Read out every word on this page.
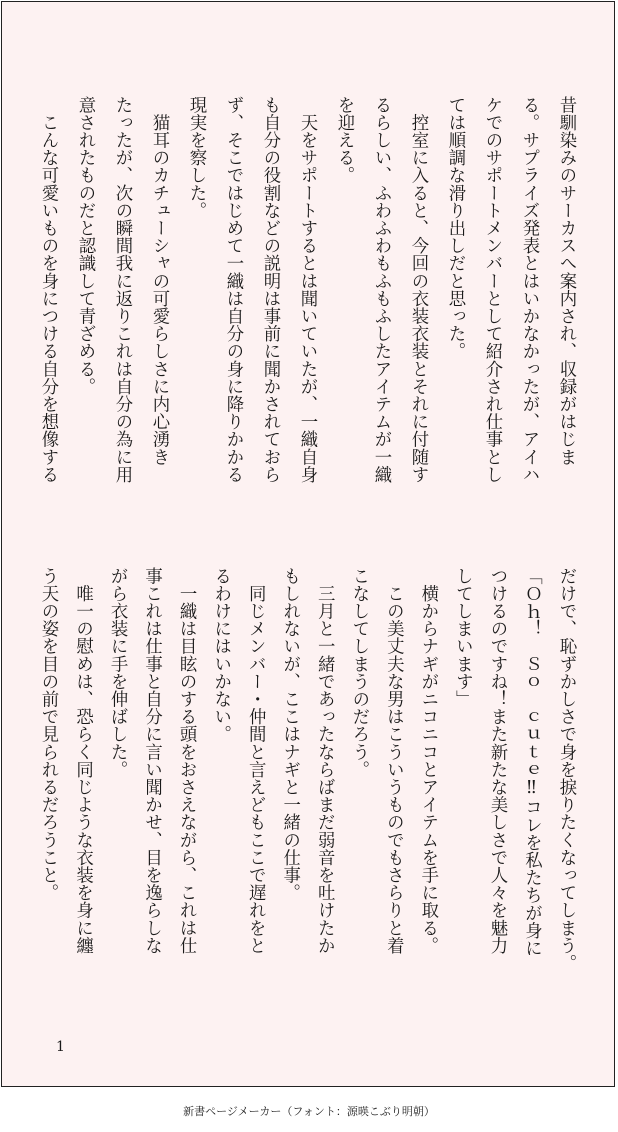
昔馴染みのサーカスへ案内され、収録がはじま
る。サプライズ発表とはいかなかったが、アイハ
ケでのサポートメンバーとして紹介され仕事とし
ては順調な滑り出しだと思った。
　控室に入ると、今回の衣装衣装とそれに付随す
るらしい、ふわふわもふもふしたアイテムが一織
を迎える。
　天をサポートするとは聞いていたが、一織自身
も自分の役割などの説明は事前に聞かされておら
ず、そこではじめて一織は自分の身に降りかかる
現実を察した。
　猫耳のカチューシャの可愛らしさに内心湧き
たったが、次の瞬間我に返りこれは自分の為に用
意されたものだと認識して青ざめる。
　こんな可愛いものを身につける自分を想像する
だけで、恥ずかしさで身を捩りたくなってしまう。
「Ｏｈ！　Ｓｏ　ｃｕｔｅ‼コレを私たちが身に
つけるのですね！また新たな美しさで人々を魅力
してしまいます」
　横からナギがニコニコとアイテムを手に取る。
　この美丈夫な男はこういうものでもさらりと着
こなしてしまうのだろう。
　三月と一緒であったならばまだ弱音を吐けたか
もしれないが、ここはナギと一緒の仕事。
　同じメンバー・仲間と言えどもここで遅れをと
るわけにはいかない。
　一織は目眩のする頭をおさえながら、これは仕
事これは仕事と自分に言い聞かせ、目を逸らしな
がら衣装に手を伸ばした。
　唯一の慰めは、恐らく同じような衣装を身に纏
う天の姿を目の前で見られるだろうこと。
1
新書ページメーカー（フォント：源暎こぶり明朝）
